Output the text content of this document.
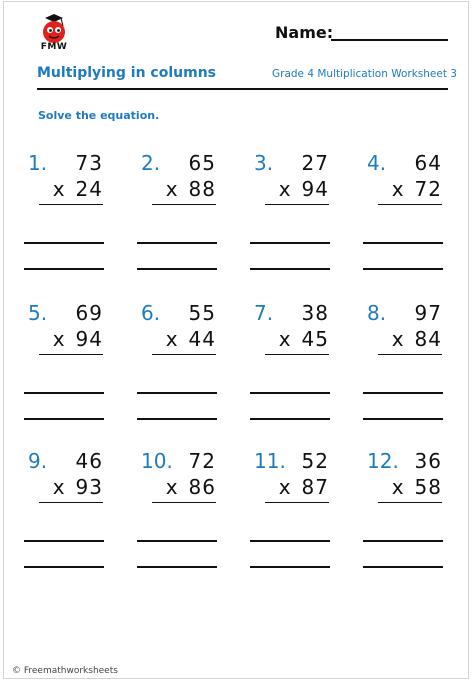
FMW
Name:
Multiplying in columns	Grade 4 Multiplication Worksheet 3
Solve the equation.
1. 73
x 24
2. 65
x 88
3. 27
x 94
4. 64
x 72
5. 69
x 94
6. 55
x 44
7. 38
x 45
8. 97
x 84
9. 46
x 93
10. 72
x 86
11. 52
x 87
12. 36
x 58
© Freemathworksheets
